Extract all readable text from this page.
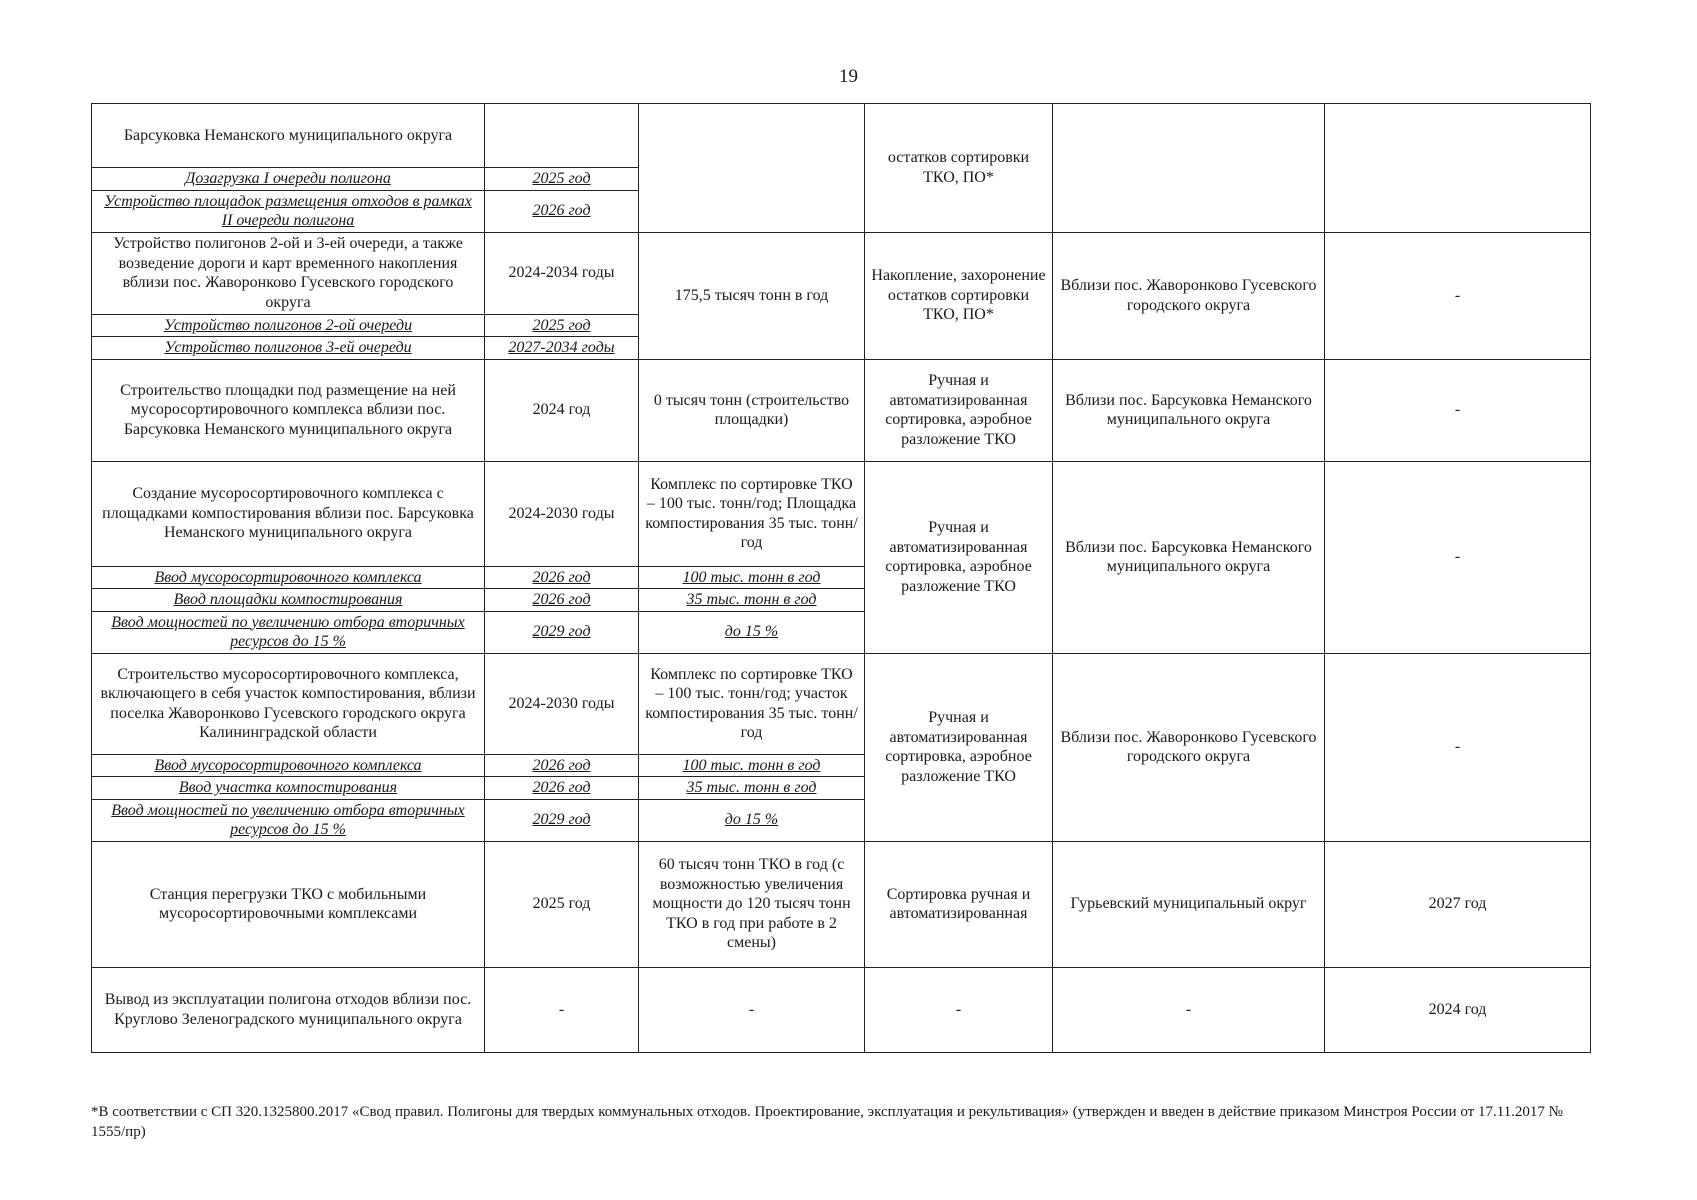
19
Барсуковка Неманского муниципального округа			остатков сортировки ТКО, ПО*		
Дозагрузка I очереди полигона	2025 год				
Устройство площадок размещения отходов в рамках II очереди полигона	2026 год				
Устройство полигонов 2-ой и 3-ей очереди, а также возведение дороги и карт временного накопления вблизи пос. Жаворонково Гусевского городского округа	2024-2034 годы	175,5 тысяч тонн в год	Накопление, захоронение остатков сортировки ТКО, ПО*	Вблизи пос. Жаворонково Гусевского городского округа	-
Устройство полигонов 2-ой очереди	2025 год				
Устройство полигонов 3-ей очереди	2027-2034 годы				
Строительство площадки под размещение на ней мусоросортировочного комплекса вблизи пос. Барсуковка Неманского муниципального округа	2024 год	0 тысяч тонн (строительство площадки)	Ручная и автоматизированная сортировка, аэробное разложение ТКО	Вблизи пос. Барсуковка Неманского муниципального округа	-
Создание мусоросортировочного комплекса с площадками компостирования вблизи пос. Барсуковка Неманского муниципального округа	2024-2030 годы	Комплекс по сортировке ТКО – 100 тыс. тонн/год; Площадка компостирования 35 тыс. тонн/год	Ручная и автоматизированная сортировка, аэробное разложение ТКО	Вблизи пос. Барсуковка Неманского муниципального округа	-
Ввод мусоросортировочного комплекса	2026 год	100 тыс. тонн в год			
Ввод площадки компостирования	2026 год	35 тыс. тонн в год			
Ввод мощностей по увеличению отбора вторичных ресурсов до 15 %	2029 год	до 15 %			
Строительство мусоросортировочного комплекса, включающего в себя участок компостирования, вблизи поселка Жаворонково Гусевского городского округа Калининградской области	2024-2030 годы	Комплекс по сортировке ТКО – 100 тыс. тонн/год; участок компостирования 35 тыс. тонн/год	Ручная и автоматизированная сортировка, аэробное разложение ТКО	Вблизи пос. Жаворонково Гусевского городского округа	-
Ввод мусоросортировочного комплекса	2026 год	100 тыс. тонн в год			
Ввод участка компостирования	2026 год	35 тыс. тонн в год			
Ввод мощностей по увеличению отбора вторичных ресурсов до 15 %	2029 год	до 15 %			
Станция перегрузки ТКО с мобильными мусоросортировочными комплексами	2025 год	60 тысяч тонн ТКО в год (с возможностью увеличения мощности до 120 тысяч тонн ТКО в год при работе в 2 смены)	Сортировка ручная и автоматизированная	Гурьевский муниципальный округ	2027 год
Вывод из эксплуатации полигона отходов вблизи пос. Круглово Зеленоградского муниципального округа	-	-	-	-	2024 год
*В соответствии с СП 320.1325800.2017 «Свод правил. Полигоны для твердых коммунальных отходов. Проектирование, эксплуатация и рекультивация» (утвержден и введен в действие приказом Минстроя России от 17.11.2017 № 1555/пр)
